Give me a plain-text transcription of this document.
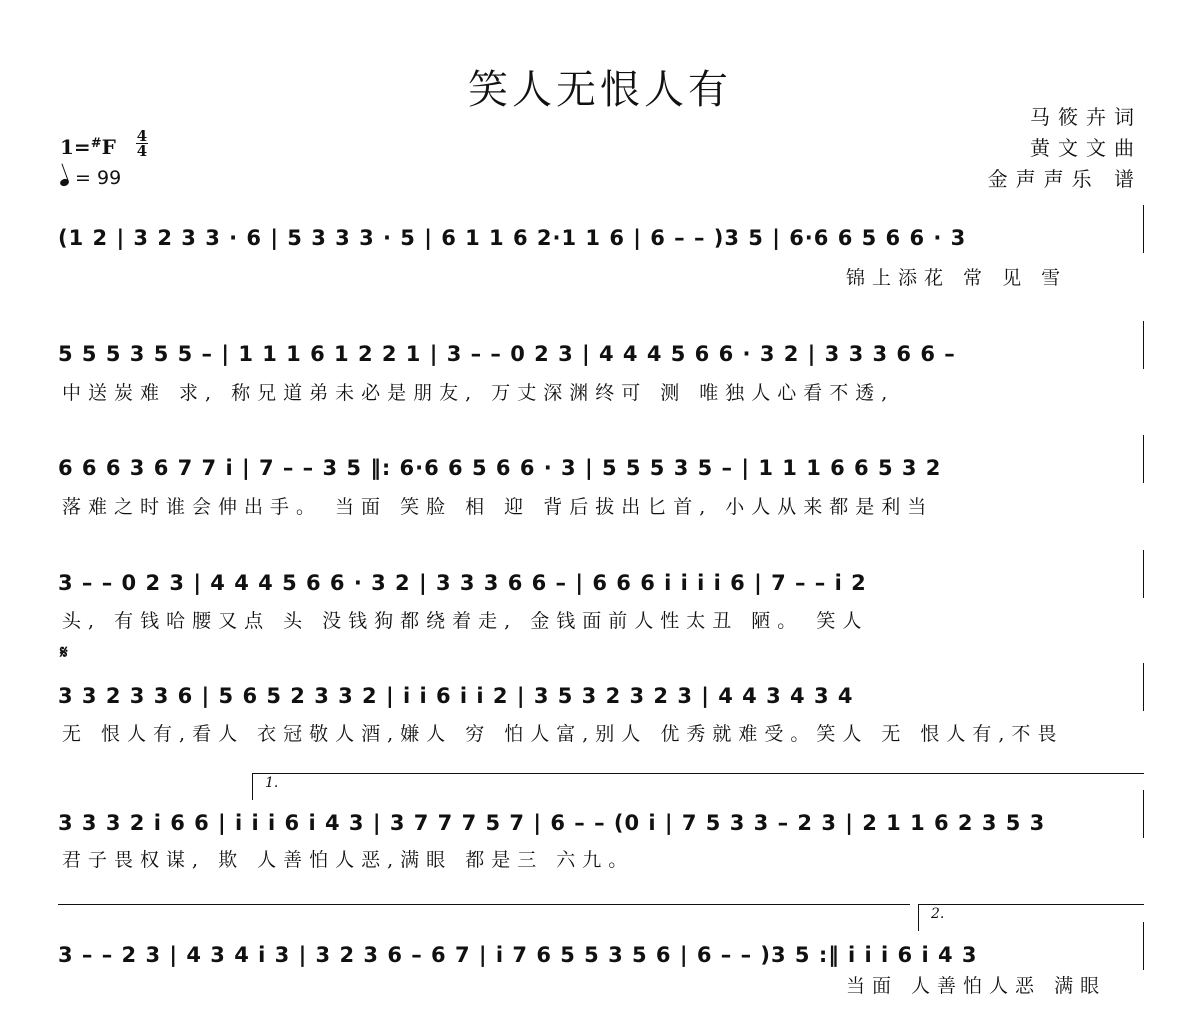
笑人无恨人有
马筱卉词
黄文文曲
金声声乐 谱
1=#F 4
4
= 99
𝄋
(1 2 | 3 2 3 3 · 6 | 5 3 3 3 · 5 | 6 1 1 6 2·1 1 6 | 6 – – )3 5 | 6·6 6 5 6 6 · 3
锦上添花 常 见 雪
5 5 5 3 5 5 – | 1 1 1 6 1 2 2 1 | 3 – – 0 2 3 | 4 4 4 5 6 6 · 3 2 | 3 3 3 6 6 –
中送炭难 求, 称兄道弟未必是朋友, 万丈深渊终可 测 唯独人心看不透,
6 6 6 3 6 7 7 i | 7 – – 3 5 ‖: 6·6 6 5 6 6 · 3 | 5 5 5 3 5 – | 1 1 1 6 6 5 3 2
落难之时谁会伸出手。 当面 笑脸 相 迎 背后拔出匕首, 小人从来都是利当
3 – – 0 2 3 | 4 4 4 5 6 6 · 3 2 | 3 3 3 6 6 – | 6 6 6 i i i i 6 | 7 – – i 2
头, 有钱哈腰又点 头 没钱狗都绕着走, 金钱面前人性太丑 陋。 笑人
3 3 2 3 3 6 | 5 6 5 2 3 3 2 | i i 6 i i 2 | 3 5 3 2 3 2 3 | 4 4 3 4 3 4
无 恨人有,看人 衣冠敬人酒,嫌人 穷 怕人富,别人 优秀就难受。笑人 无 恨人有,不畏
1.
3 3 3 2 i 6 6 | i i i 6 i 4 3 | 3 7 7 7 5 7 | 6 – – (0 i | 7 5 3 3 – 2 3 | 2 1 1 6 2 3 5 3
君子畏权谋, 欺 人善怕人恶,满眼 都是三 六九。
2.
3 – – 2 3 | 4 3 4 i 3 | 3 2 3 6 – 6 7 | i 7 6 5 5 3 5 6 | 6 – – )3 5 :‖ i i i 6 i 4 3
当面 人善怕人恶 满眼
